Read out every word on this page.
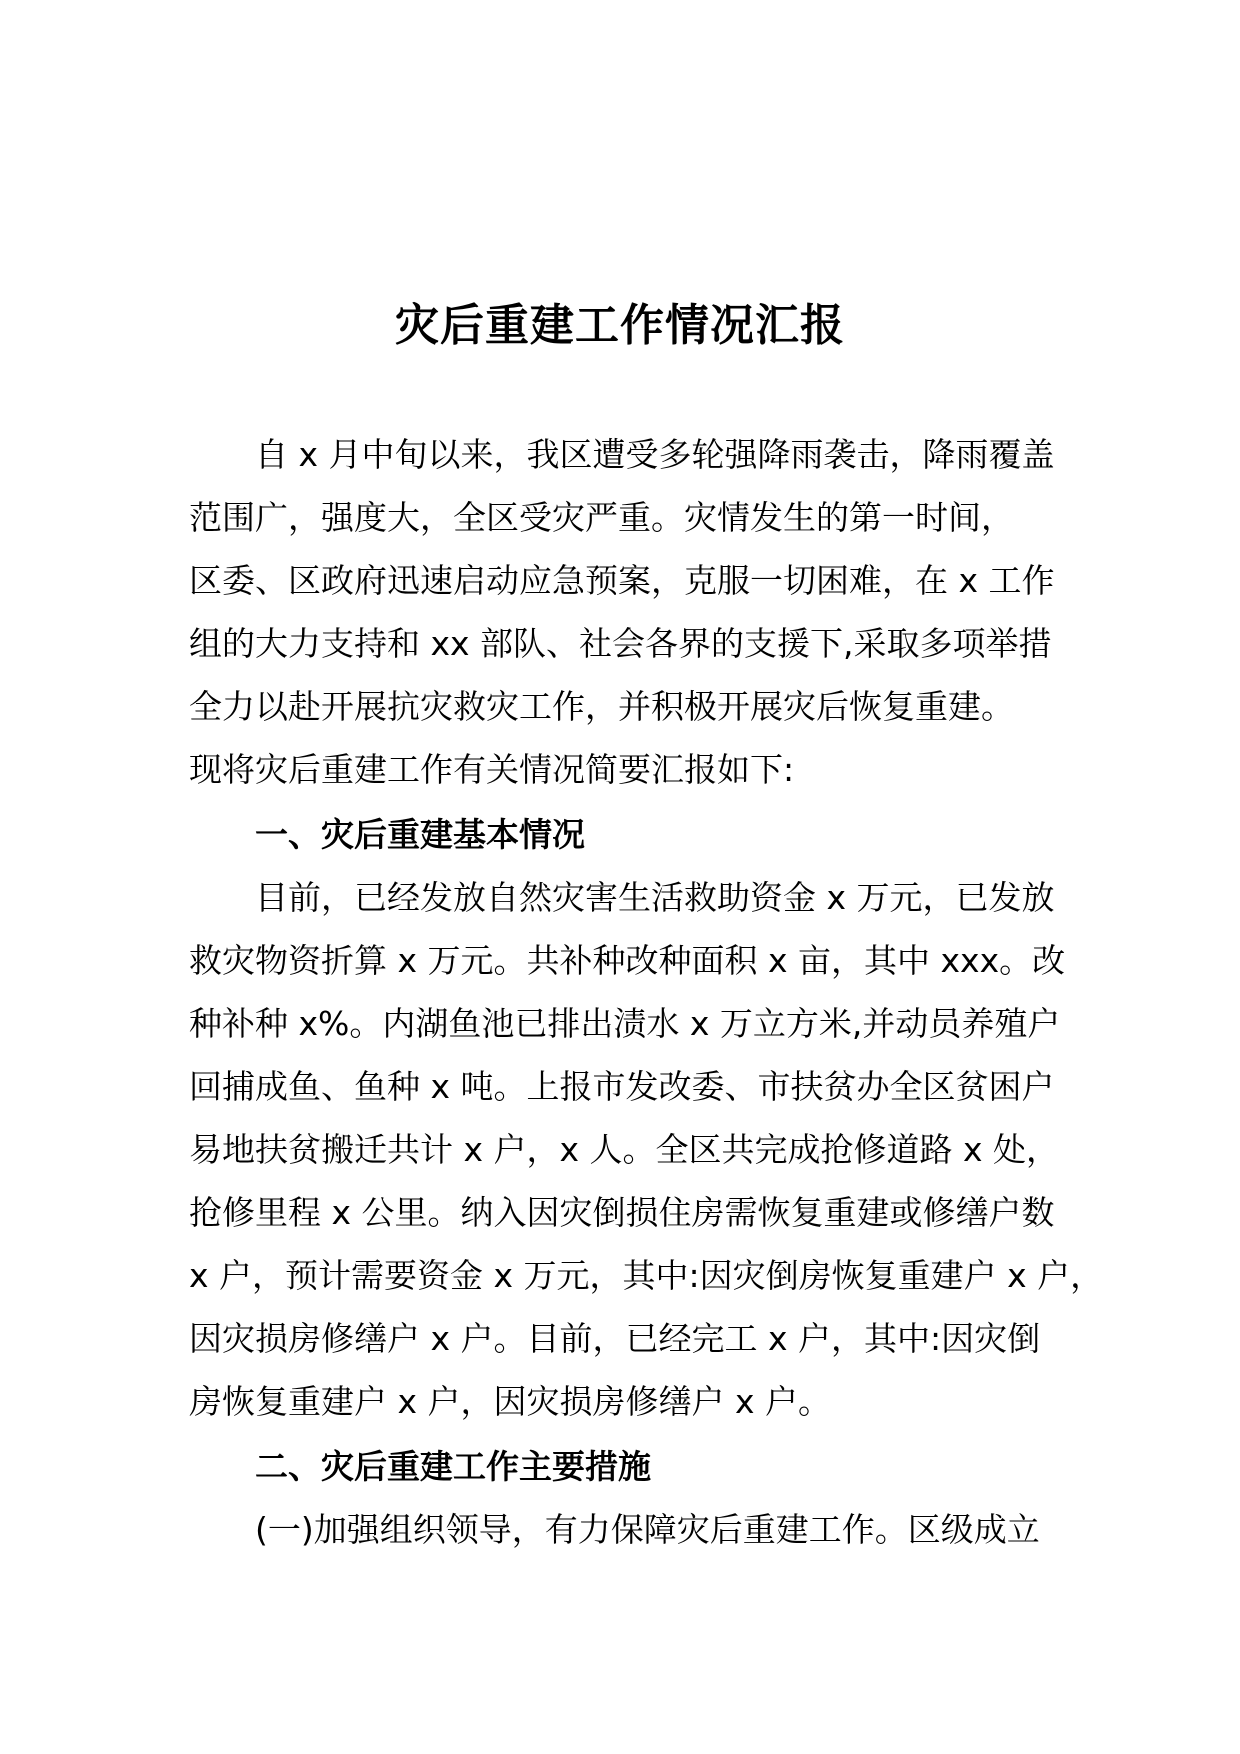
灾后重建工作情况汇报
自 x 月中旬以来，我区遭受多轮强降雨袭击，降雨覆盖
范围广，强度大，全区受灾严重。灾情发生的第一时间，
区委、区政府迅速启动应急预案，克服一切困难，在 x 工作
组的大力支持和 xx 部队、社会各界的支援下,采取多项举措
全力以赴开展抗灾救灾工作，并积极开展灾后恢复重建。
现将灾后重建工作有关情况简要汇报如下:
一、灾后重建基本情况
目前，已经发放自然灾害生活救助资金 x 万元，已发放
救灾物资折算 x 万元。共补种改种面积 x 亩，其中 xxx。改
种补种 x%。内湖鱼池已排出渍水 x 万立方米,并动员养殖户
回捕成鱼、鱼种 x 吨。上报市发改委、市扶贫办全区贫困户
易地扶贫搬迁共计 x 户，x 人。全区共完成抢修道路 x 处，
抢修里程 x 公里。纳入因灾倒损住房需恢复重建或修缮户数
x 户，预计需要资金 x 万元，其中:因灾倒房恢复重建户 x 户，
因灾损房修缮户 x 户。目前，已经完工 x 户，其中:因灾倒
房恢复重建户 x 户，因灾损房修缮户 x 户。
二、灾后重建工作主要措施
(一)加强组织领导，有力保障灾后重建工作。区级成立
